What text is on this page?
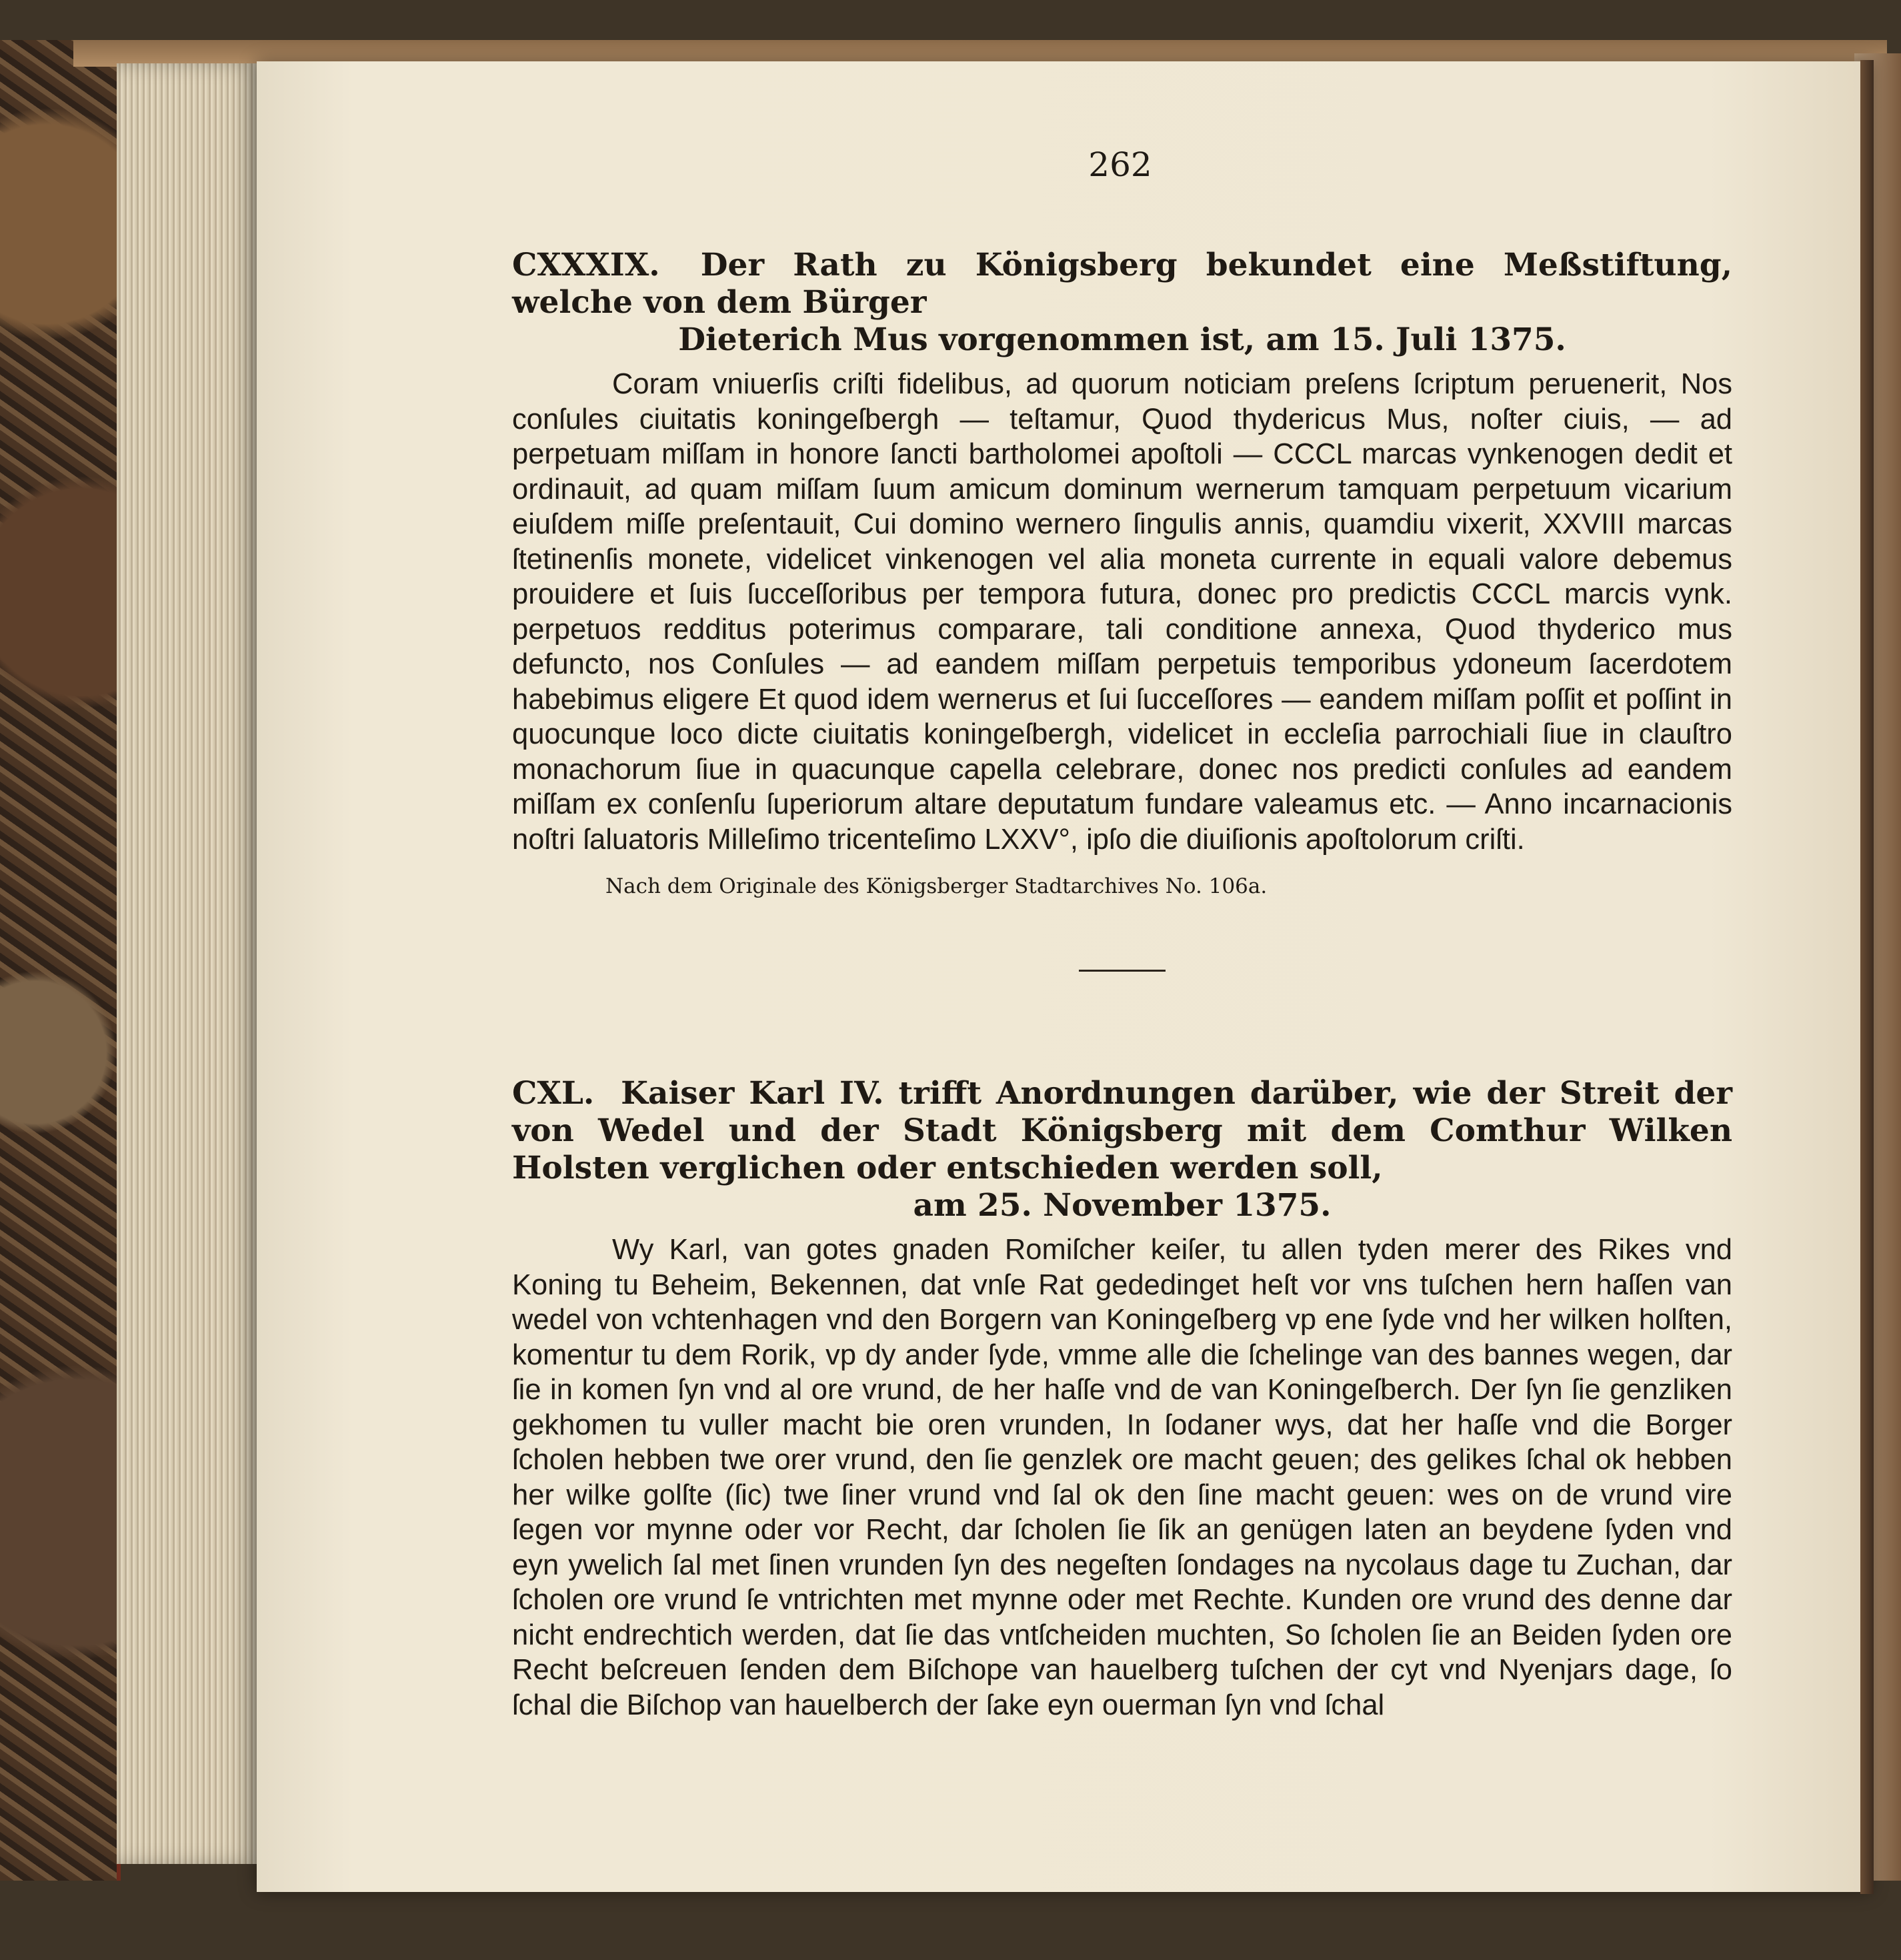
262
CXXXIX. Der Rath zu Königsberg bekundet eine Meßstiftung, welche von dem Bürger
Dieterich Mus vorgenommen ist, am 15. Juli 1375.

Coram vniuerſis criſti fidelibus, ad quorum noticiam preſens ſcriptum peruenerit, Nos conſules ciuitatis koningeſbergh — teſtamur, Quod thydericus Mus, noſter ciuis, — ad perpetuam miſſam in honore ſancti bartholomei apoſtoli — CCCL marcas vynkenogen dedit et ordinauit, ad quam miſſam ſuum amicum dominum wernerum tamquam perpetuum vicarium eiuſdem miſſe preſentauit, Cui domino wernero ſingulis annis, quamdiu vixerit, XXVIII marcas ſtetinenſis monete, videlicet vinkenogen vel alia moneta currente in equali valore debemus prouidere et ſuis ſucceſſoribus per tempora futura, donec pro predictis CCCL marcis vynk. perpetuos redditus poterimus comparare, tali conditione annexa, Quod thyderico mus defuncto, nos Conſules — ad eandem miſſam perpetuis temporibus ydoneum ſacerdotem habebimus eligere Et quod idem wernerus et ſui ſucceſſores — eandem miſſam poſſit et poſſint in quocunque loco dicte ciuitatis koningeſbergh, videlicet in eccleſia parrochiali ſiue in clauſtro monachorum ſiue in quacunque capella celebrare, donec nos predicti conſules ad eandem miſſam ex conſenſu ſuperiorum altare deputatum fundare valeamus etc. — Anno incarnacionis noſtri ſaluatoris Milleſimo tricenteſimo LXXV°, ipſo die diuiſionis apoſtolorum criſti.

Nach dem Originale des Königsberger Stadtarchives No. 106a.
CXL. Kaiser Karl IV. trifft Anordnungen darüber, wie der Streit der von Wedel und der Stadt Königsberg mit dem Comthur Wilken Holsten verglichen oder entschieden werden soll,
am 25. November 1375.

Wy Karl, van gotes gnaden Romiſcher keiſer, tu allen tyden merer des Rikes vnd Koning tu Beheim, Bekennen, dat vnſe Rat gededinget heſt vor vns tuſchen hern haſſen van wedel von vchtenhagen vnd den Borgern van Koningeſberg vp ene ſyde vnd her wilken holſten, komentur tu dem Rorik, vp dy ander ſyde, vmme alle die ſchelinge van des bannes wegen, dar ſie in komen ſyn vnd al ore vrund, de her haſſe vnd de van Koningeſberch. Der ſyn ſie genzliken gekhomen tu vuller macht bie oren vrunden, In ſodaner wys, dat her haſſe vnd die Borger ſcholen hebben twe orer vrund, den ſie genzlek ore macht geuen; des gelikes ſchal ok hebben her wilke golſte (ſic) twe ſiner vrund vnd ſal ok den ſine macht geuen: wes on de vrund vire ſegen vor mynne oder vor Recht, dar ſcholen ſie ſik an genügen laten an beydene ſyden vnd eyn ywelich ſal met ſinen vrunden ſyn des negeſten ſondages na nycolaus dage tu Zuchan, dar ſcholen ore vrund ſe vntrichten met mynne oder met Rechte. Kunden ore vrund des denne dar nicht endrechtich werden, dat ſie das vntſcheiden muchten, So ſcholen ſie an Beiden ſyden ore Recht beſcreuen ſenden dem Biſchope van hauelberg tuſchen der cyt vnd Nyenjars dage, ſo ſchal die Biſchop van hauelberch der ſake eyn ouerman ſyn vnd ſchal
